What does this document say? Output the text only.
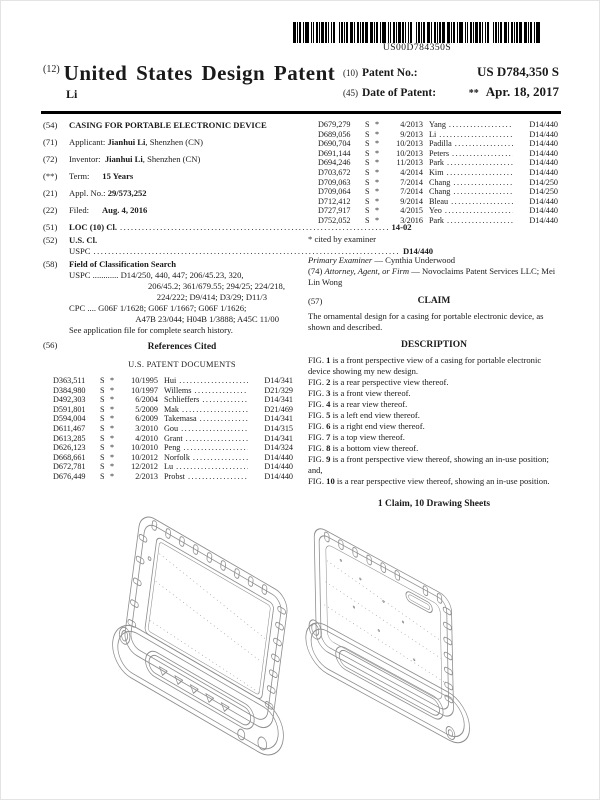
US00D784350S
$^{(12)}$ United States Design Patent
Li
(10) Patent No.:	US D784,350 S
(45) Date of Patent:	** Apr. 18, 2017
(54)	CASING FOR PORTABLE ELECTRONIC DEVICE
(71)	Applicant: Jianhui Li, Shenzhen (CN)
(72)	Inventor: Jianhui Li, Shenzhen (CN)
(**)	Term: 15 Years
(21)	Appl. No.: 29/573,252
(22)	Filed: Aug. 4, 2016
(51)	LOC (10) Cl. .....	14-02
(52)	U.S. Cl.
USPC .....	D14/440
(58)	Field of Classification Search
USPC ............ D14/250, 440, 447; 206/45.23, 320,
206/45.2; 361/679.55; 294/25; 224/218,
224/222; D9/414; D3/29; D11/3
CPC .... G06F 1/1628; G06F 1/1667; G06F 1/1626;
A47B 23/044; H04B 1/3888; A45C 11/00
See application file for complete search history.
(56)	References Cited
U.S. PATENT DOCUMENTS
D363,511	S *	10/1995 Hui .....	D14/341
D384,980	S *	10/1997 Willems .....	D21/329
D492,303	S *	6/2004 Schlieffers .....	D14/341
D591,801	S *	5/2009 Mak .....	D21/469
D594,004	S *	6/2009 Takemasa .....	D14/341
D611,467	S *	3/2010 Gou .....	D14/315
D613,285	S *	4/2010 Grant .....	D14/341
D626,123	S *	10/2010 Peng .....	D14/324
D668,661	S *	10/2012 Norfolk .....	D14/440
D672,781	S *	12/2012 Lu .....	D14/440
D676,449	S *	2/2013 Probst .....	D14/440
D679,279	S *	4/2013 Yang .....	D14/440
D689,056	S *	9/2013 Li .....	D14/440
D690,704	S *	10/2013 Padilla .....	D14/440
D691,144	S *	10/2013 Peters .....	D14/440
D694,246	S *	11/2013 Park .....	D14/440
D703,672	S *	4/2014 Kim .....	D14/440
D709,063	S *	7/2014 Chang .....	D14/250
D709,064	S *	7/2014 Chang .....	D14/250
D712,412	S *	9/2014 Bleau .....	D14/440
D727,917	S *	4/2015 Yeo .....	D14/440
D752,052	S *	3/2016 Park .....	D14/440
* cited by examiner
Primary Examiner — Cynthia Underwood
(74) Attorney, Agent, or Firm — Novoclaims Patent Services LLC; Mei Lin Wong
(57)	CLAIM
The ornamental design for a casing for portable electronic device, as shown and described.
DESCRIPTION
FIG. 1 is a front perspective view of a casing for portable electronic device showing my new design.
FIG. 2 is a rear perspective view thereof.
FIG. 3 is a front view thereof.
FIG. 4 is a rear view thereof.
FIG. 5 is a left end view thereof.
FIG. 6 is a right end view thereof.
FIG. 7 is a top view thereof.
FIG. 8 is a bottom view thereof.
FIG. 9 is a front perspective view thereof, showing an in-use position; and,
FIG. 10 is a rear perspective view thereof, showing an in-use position.

1 Claim, 10 Drawing Sheets
